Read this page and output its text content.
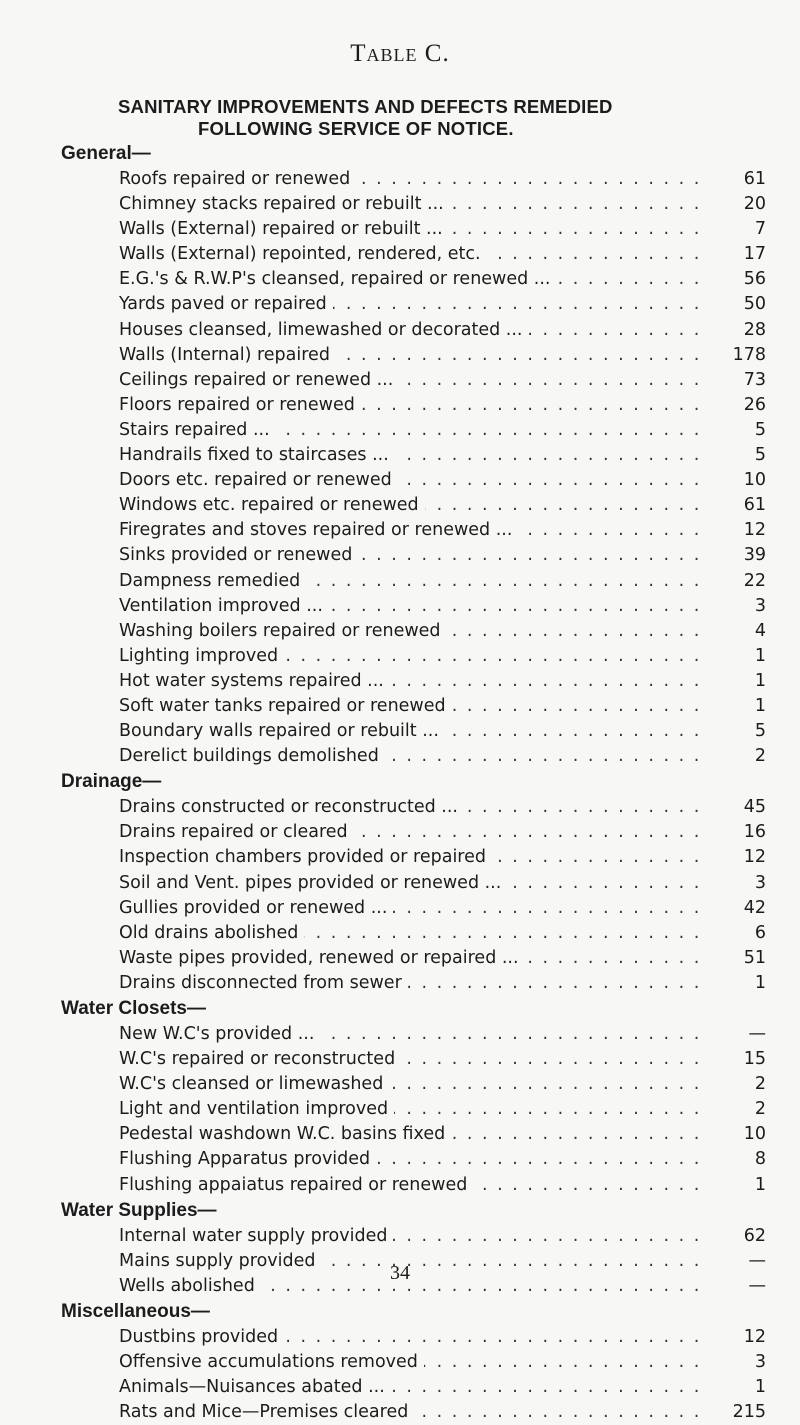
Table C.
SANITARY IMPROVEMENTS AND DEFECTS REMEDIED
FOLLOWING SERVICE OF NOTICE.
General—
. . .
Roofs repaired or renewed	61
. . .
Chimney stacks repaired or rebuilt ...	20
. . .
Walls (External) repaired or rebuilt ...	7
. . .
Walls (External) repointed, rendered, etc.	17
. . .
E.G.'s & R.W.P's cleansed, repaired or renewed ...	56
. . .
Yards paved or repaired	50
. . .
Houses cleansed, limewashed or decorated ...	28
. . .
Walls (Internal) repaired	178
. . .
Ceilings repaired or renewed ...	73
. . .
Floors repaired or renewed	26
. . .
Stairs repaired ...	5
. . .
Handrails fixed to staircases ...	5
. . .
Doors etc. repaired or renewed	10
. . .
Windows etc. repaired or renewed	61
. . .
Firegrates and stoves repaired or renewed ...	12
. . .
Sinks provided or renewed	39
. . .
Dampness remedied	22
. . .
Ventilation improved ...	3
. . .
Washing boilers repaired or renewed	4
. . .
Lighting improved	1
. . .
Hot water systems repaired ...	1
. . .
Soft water tanks repaired or renewed	1
. . .
Boundary walls repaired or rebuilt ...	5
. . .
Derelict buildings demolished	2
Drainage—
. . .
Drains constructed or reconstructed ...	45
. . .
Drains repaired or cleared	16
. . .
Inspection chambers provided or repaired	12
. . .
Soil and Vent. pipes provided or renewed ...	3
. . .
Gullies provided or renewed ...	42
. . .
Old drains abolished	6
. . .
Waste pipes provided, renewed or repaired ...	51
. . .
Drains disconnected from sewer	1
Water Closets—
. . .
New W.C's provided ...	—
. . .
W.C's repaired or reconstructed	15
. . .
W.C's cleansed or limewashed	2
. . .
Light and ventilation improved	2
. . .
Pedestal washdown W.C. basins fixed	10
. . .
Flushing Apparatus provided	8
. . .
Flushing appaiatus repaired or renewed	1
Water Supplies—
. . .
Internal water supply provided	62
. . .
Mains supply provided	—
. . .
Wells abolished	—
Miscellaneous—
. . .
Dustbins provided	12
. . .
Offensive accumulations removed	3
. . .
Animals—Nuisances abated ...	1
. . .
Rats and Mice—Premises cleared	215
34
